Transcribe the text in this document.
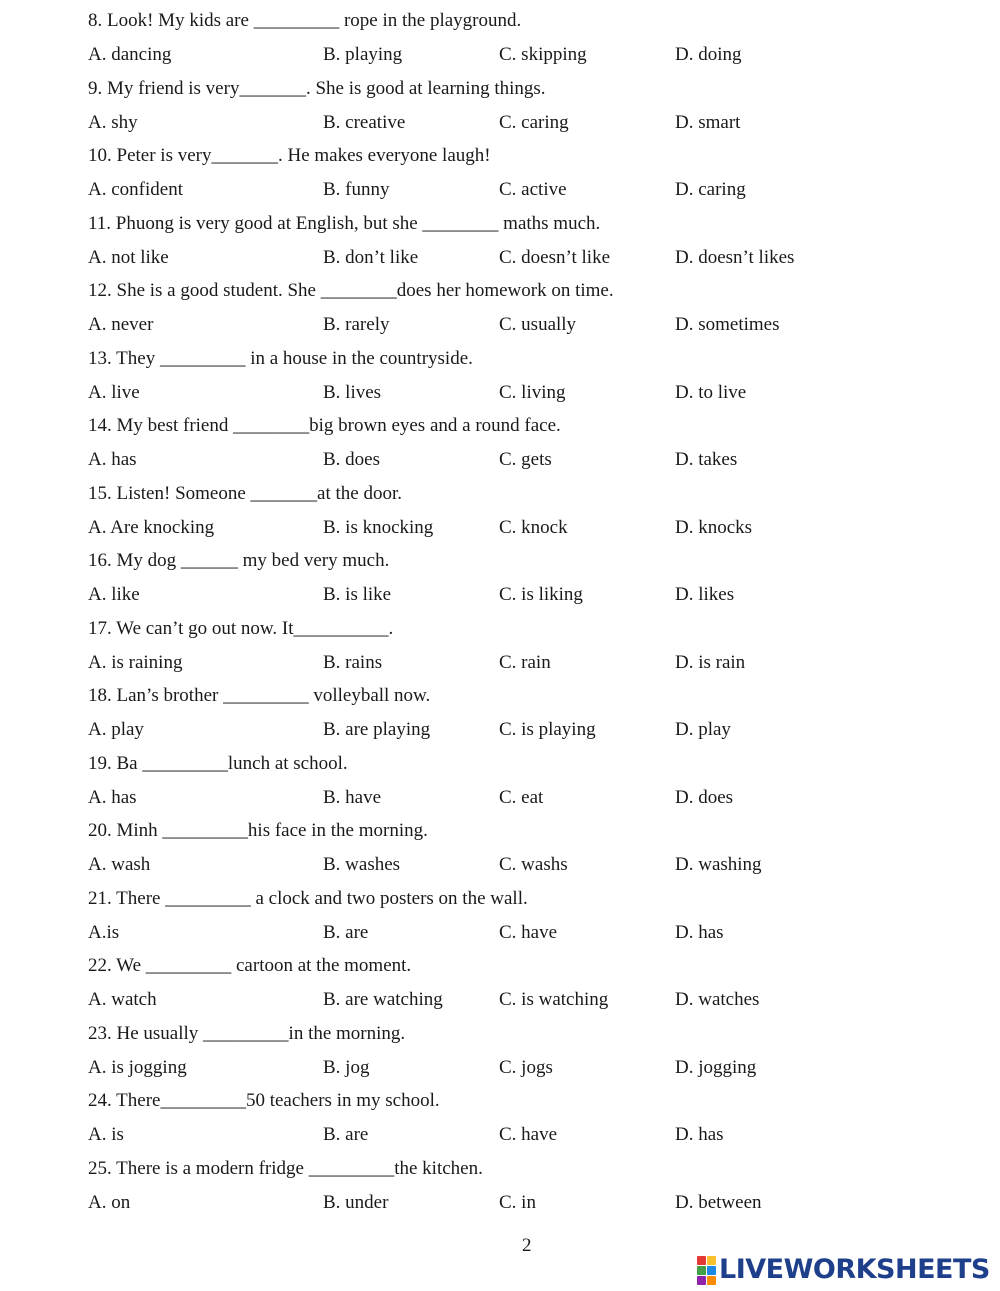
8. Look! My kids are _________ rope in the playground.
A. dancing	B. playing	C. skipping	D. doing
9. My friend is very_______. She is good at learning things.
A. shy	B. creative	C. caring	D. smart
10. Peter is very_______. He makes everyone laugh!
A. confident	B. funny	C. active	D. caring
11. Phuong is very good at English, but she ________ maths much.
A. not like	B. don’t like	C. doesn’t like	D. doesn’t likes
12. She is a good student. She ________does her homework on time.
A. never	B. rarely	C. usually	D. sometimes
13. They _________ in a house in the countryside.
A. live	B. lives	C. living	D. to live
14. My best friend ________big brown eyes and a round face.
A. has	B. does	C. gets	D. takes
15. Listen! Someone _______at the door.
A. Are knocking	B. is knocking	C. knock	D. knocks
16. My dog ______ my bed very much.
A. like	B. is like	C. is liking	D. likes
17. We can’t go out now. It__________.
A. is raining	B. rains	C. rain	D. is rain
18. Lan’s brother _________ volleyball now.
A. play	B. are playing	C. is playing	D. play
19. Ba _________lunch at school.
A. has	B. have	C. eat	D. does
20. Minh _________his face in the morning.
A. wash	B. washes	C. washs	D. washing
21. There _________ a clock and two posters on the wall.
A.is	B. are	C. have	D. has
22. We _________ cartoon at the moment.
A. watch	B. are watching	C. is watching	D. watches
23. He usually _________in the morning.
A. is jogging	B. jog	C. jogs	D. jogging
24. There_________50 teachers in my school.
A. is	B. are	C. have	D. has
25. There is a modern fridge _________the kitchen.
A. on	B. under	C. in	D. between
2
LIVEWORKSHEETS
